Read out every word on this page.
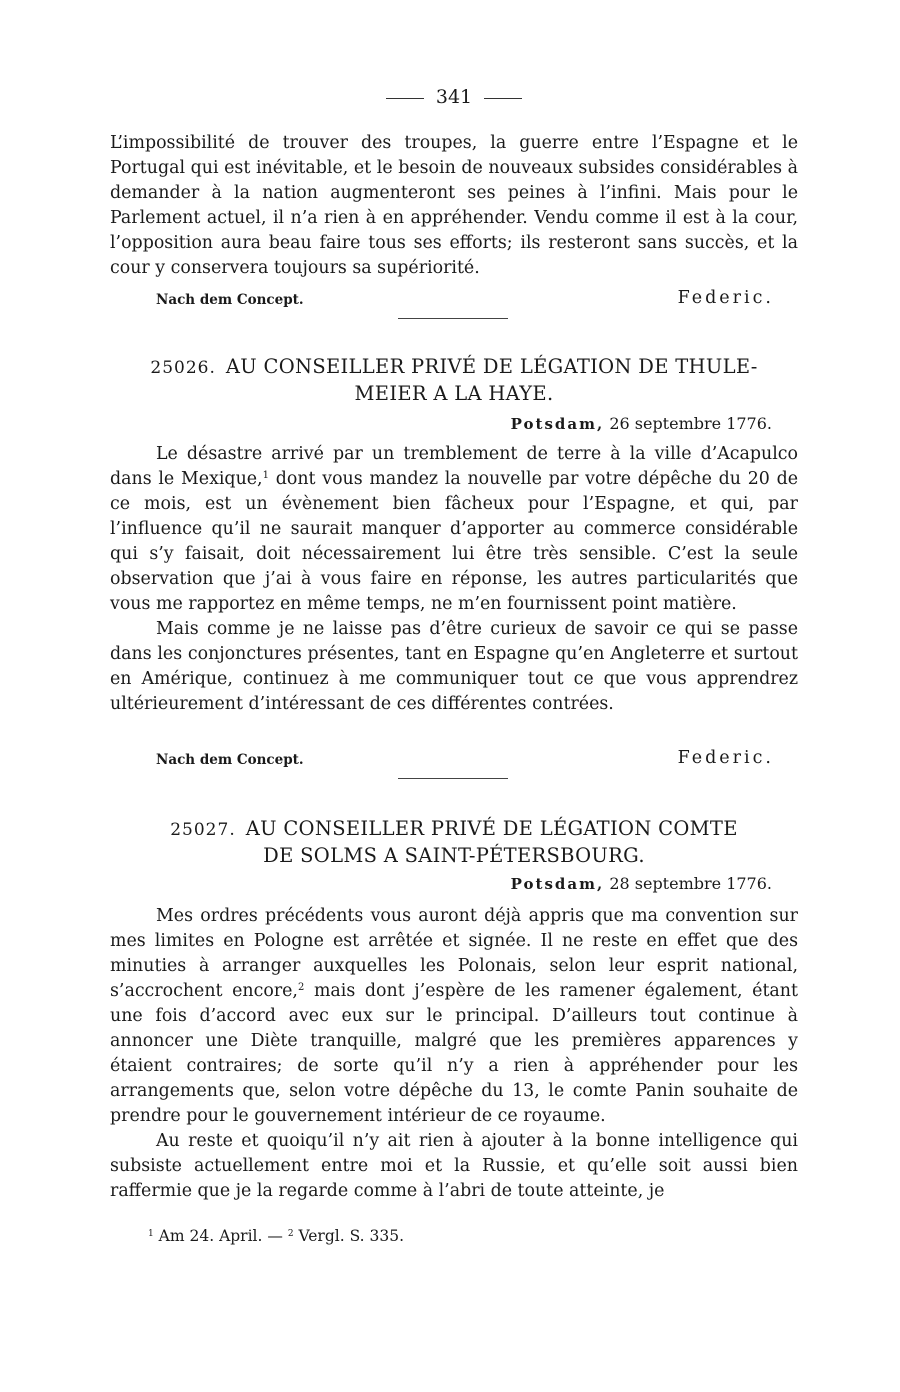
341

L’impossibilité de trouver des troupes, la guerre entre l’Espagne et le Portugal qui est inévitable, et le besoin de nouveaux subsides considérables à demander à la nation augmenteront ses peines à l’infini. Mais pour le Parlement actuel, il n’a rien à en appréhender. Vendu comme il est à la cour, l’opposition aura beau faire tous ses efforts; ils resteront sans succès, et la cour y conservera toujours sa supériorité.

Nach dem Concept.	Federic.
25026. AU CONSEILLER PRIVÉ DE LÉGATION DE THULE-
MEIER A LA HAYE.
Potsdam, 26 septembre 1776.

Le désastre arrivé par un tremblement de terre à la ville d’Acapulco dans le Mexique,$^1$ dont vous mandez la nouvelle par votre dépêche du 20 de ce mois, est un évènement bien fâcheux pour l’Espagne, et qui, par l’influence qu’il ne saurait manquer d’apporter au commerce considérable qui s’y faisait, doit nécessairement lui être très sensible. C’est la seule observation que j’ai à vous faire en réponse, les autres particularités que vous me rapportez en même temps, ne m’en fournissent point matière.

Mais comme je ne laisse pas d’être curieux de savoir ce qui se passe dans les conjonctures présentes, tant en Espagne qu’en Angleterre et surtout en Amérique, continuez à me communiquer tout ce que vous apprendrez ultérieurement d’intéressant de ces différentes contrées.

Nach dem Concept.	Federic.
25027. AU CONSEILLER PRIVÉ DE LÉGATION COMTE
DE SOLMS A SAINT-PÉTERSBOURG.
Potsdam, 28 septembre 1776.

Mes ordres précédents vous auront déjà appris que ma convention sur mes limites en Pologne est arrêtée et signée. Il ne reste en effet que des minuties à arranger auxquelles les Polonais, selon leur esprit national, s’accrochent encore,$^2$ mais dont j’espère de les ramener également, étant une fois d’accord avec eux sur le principal. D’ailleurs tout continue à annoncer une Diète tranquille, malgré que les premières apparences y étaient contraires; de sorte qu’il n’y a rien à appréhender pour les arrangements que, selon votre dépêche du 13, le comte Panin souhaite de prendre pour le gouvernement intérieur de ce royaume.

Au reste et quoiqu’il n’y ait rien à ajouter à la bonne intelligence qui subsiste actuellement entre moi et la Russie, et qu’elle soit aussi bien raffermie que je la regarde comme à l’abri de toute atteinte, je

$^1$ Am 24. April. — $^2$ Vergl. S. 335.
